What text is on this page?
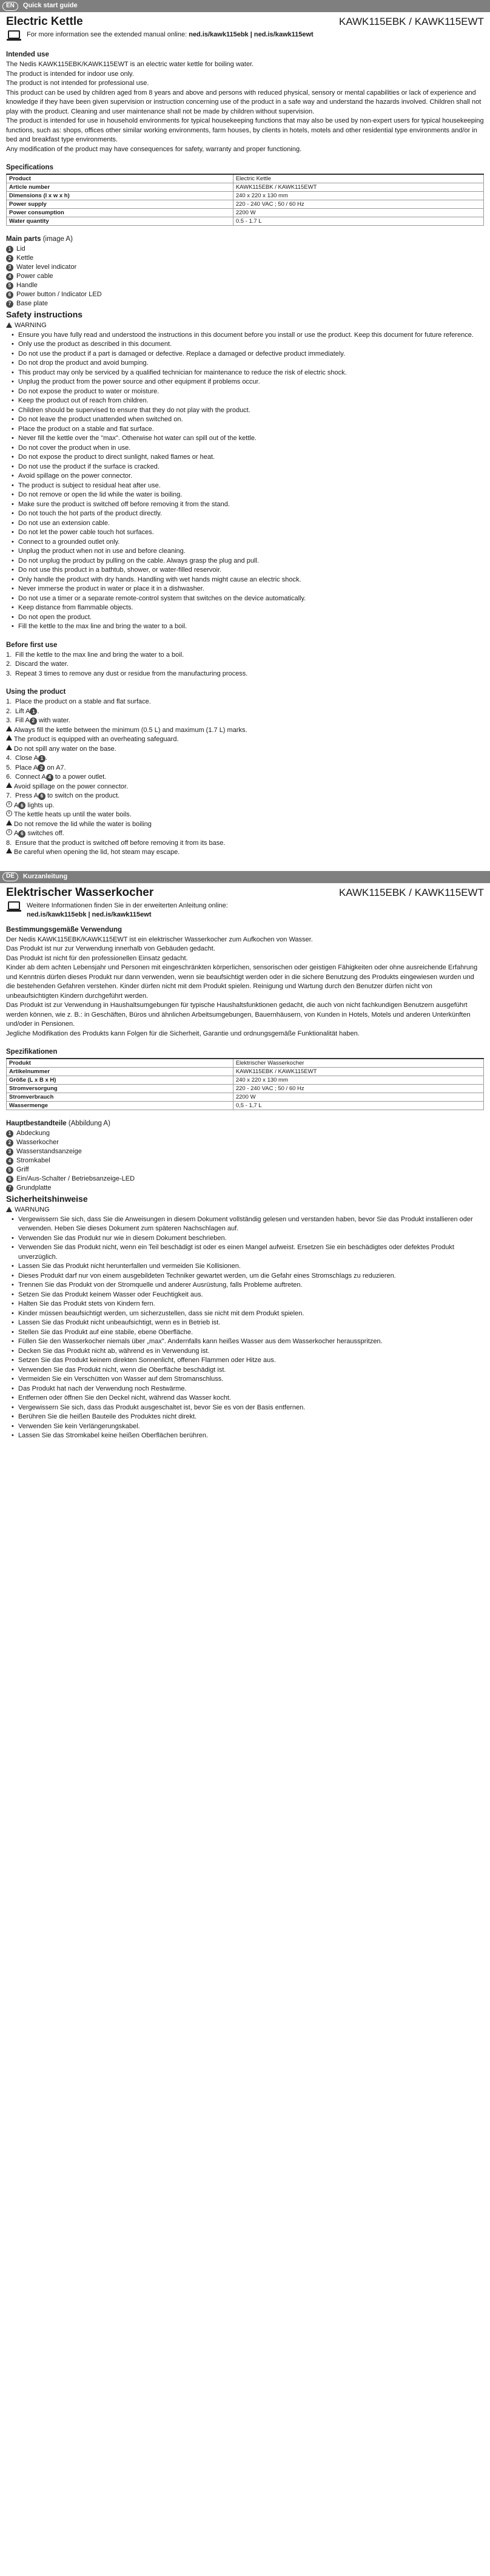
EN	Quick start guide
Electric Kettle	KAWK115EBK / KAWK115EWT
For more information see the extended manual online: ned.is/kawk115ebk | ned.is/kawk115ewt
Intended use

The Nedis KAWK115EBK/KAWK115EWT is an electric water kettle for boiling water.

The product is intended for indoor use only.

The product is not intended for professional use.

This product can be used by children aged from 8 years and above and persons with reduced physical, sensory or mental capabilities or lack of experience and knowledge if they have been given supervision or instruction concerning use of the product in a safe way and understand the hazards involved. Children shall not play with the product. Cleaning and user maintenance shall not be made by children without supervision.

The product is intended for use in household environments for typical housekeeping functions that may also be used by non-expert users for typical housekeeping functions, such as: shops, offices other similar working environments, farm houses, by clients in hotels, motels and other residential type environments and/or in bed and breakfast type environments.

Any modification of the product may have consequences for safety, warranty and proper functioning.

Specifications
Product	Electric Kettle
Article number	KAWK115EBK / KAWK115EWT
Dimensions (l x w x h)	240 x 220 x 130 mm
Power supply	220 - 240 VAC ; 50 / 60 Hz
Power consumption	2200 W
Water quantity	0.5 - 1.7 L
Main parts (image A)
1 Lid
2 Kettle
3 Water level indicator
4 Power cable
5 Handle
6 Power button / Indicator LED
7 Base plate
Safety instructions
WARNING
• Ensure you have fully read and understood the instructions in this document before you install or use the product. Keep this document for future reference.
• Only use the product as described in this document.
• Do not use the product if a part is damaged or defective. Replace a damaged or defective product immediately.
• Do not drop the product and avoid bumping.
• This product may only be serviced by a qualified technician for maintenance to reduce the risk of electric shock.
• Unplug the product from the power source and other equipment if problems occur.
• Do not expose the product to water or moisture.
• Keep the product out of reach from children.
• Children should be supervised to ensure that they do not play with the product.
• Do not leave the product unattended when switched on.
• Place the product on a stable and flat surface.
• Never fill the kettle over the "max". Otherwise hot water can spill out of the kettle.
• Do not cover the product when in use.
• Do not expose the product to direct sunlight, naked flames or heat.
• Do not use the product if the surface is cracked.
• Avoid spillage on the power connector.
• The product is subject to residual heat after use.
• Do not remove or open the lid while the water is boiling.
• Make sure the product is switched off before removing it from the stand.
• Do not touch the hot parts of the product directly.
• Do not use an extension cable.
• Do not let the power cable touch hot surfaces.
• Connect to a grounded outlet only.
• Unplug the product when not in use and before cleaning.
• Do not unplug the product by pulling on the cable. Always grasp the plug and pull.
• Do not use this product in a bathtub, shower, or water-filled reservoir.
• Only handle the product with dry hands. Handling with wet hands might cause an electric shock.
• Never immerse the product in water or place it in a dishwasher.
• Do not use a timer or a separate remote-control system that switches on the device automatically.
• Keep distance from flammable objects.
• Do not open the product.
• Fill the kettle to the max line and bring the water to a boil.
Before first use
1. Fill the kettle to the max line and bring the water to a boil.
2. Discard the water.
3. Repeat 3 times to remove any dust or residue from the manufacturing process.
Using the product
1. Place the product on a stable and flat surface.
2. Lift A 1 .
3. Fill A 2 with water.
Always fill the kettle between the minimum (0.5 L) and maximum (1.7 L) marks.
The product is equipped with an overheating safeguard.
Do not spill any water on the base.
4. Close A 1 .
5. Place A 2 on A7.
6. Connect A 4 to a power outlet.
Avoid spillage on the power connector.
7. Press A 6 to switch on the product.
i A 6 lights up.
i The kettle heats up until the water boils.
Do not remove the lid while the water is boiling
i A 6 switches off.
8. Ensure that the product is switched off before removing it from its base.
Be careful when opening the lid, hot steam may escape.
DE	Kurzanleitung
Elektrischer Wasserkocher	KAWK115EBK / KAWK115EWT
Weitere Informationen finden Sie in der erweiterten Anleitung online:
ned.is/kawk115ebk | ned.is/kawk115ewt
Bestimmungsgemäße Verwendung

Der Nedis KAWK115EBK/KAWK115EWT ist ein elektrischer Wasserkocher zum Aufkochen von Wasser.

Das Produkt ist nur zur Verwendung innerhalb von Gebäuden gedacht.

Das Produkt ist nicht für den professionellen Einsatz gedacht.

Kinder ab dem achten Lebensjahr und Personen mit eingeschränkten körperlichen, sensorischen oder geistigen Fähigkeiten oder ohne ausreichende Erfahrung und Kenntnis dürfen dieses Produkt nur dann verwenden, wenn sie beaufsichtigt werden oder in die sichere Benutzung des Produkts eingewiesen wurden und die bestehenden Gefahren verstehen. Kinder dürfen nicht mit dem Produkt spielen. Reinigung und Wartung durch den Benutzer dürfen nicht von unbeaufsichtigten Kindern durchgeführt werden.

Das Produkt ist zur Verwendung in Haushaltsumgebungen für typische Haushaltsfunktionen gedacht, die auch von nicht fachkundigen Benutzern ausgeführt werden können, wie z. B.: in Geschäften, Büros und ähnlichen Arbeitsumgebungen, Bauernhäusern, von Kunden in Hotels, Motels und anderen Unterkünften und/oder in Pensionen.

Jegliche Modifikation des Produkts kann Folgen für die Sicherheit, Garantie und ordnungsgemäße Funktionalität haben.

Spezifikationen
Produkt	Elektrischer Wasserkocher
Artikelnummer	KAWK115EBK / KAWK115EWT
Größe (L x B x H)	240 x 220 x 130 mm
Stromversorgung	220 - 240 VAC ; 50 / 60 Hz
Stromverbrauch	2200 W
Wassermenge	0,5 - 1,7 L
Hauptbestandteile (Abbildung A)
1 Abdeckung
2 Wasserkocher
3 Wasserstandsanzeige
4 Stromkabel
5 Griff
6 Ein/Aus-Schalter / Betriebsanzeige-LED
7 Grundplatte
Sicherheitshinweise
WARNUNG
• Vergewissern Sie sich, dass Sie die Anweisungen in diesem Dokument vollständig gelesen und verstanden haben, bevor Sie das Produkt installieren oder verwenden. Heben Sie dieses Dokument zum späteren Nachschlagen auf.
• Verwenden Sie das Produkt nur wie in diesem Dokument beschrieben.
• Verwenden Sie das Produkt nicht, wenn ein Teil beschädigt ist oder es einen Mangel aufweist. Ersetzen Sie ein beschädigtes oder defektes Produkt unverzüglich.
• Lassen Sie das Produkt nicht herunterfallen und vermeiden Sie Kollisionen.
• Dieses Produkt darf nur von einem ausgebildeten Techniker gewartet werden, um die Gefahr eines Stromschlags zu reduzieren.
• Trennen Sie das Produkt von der Stromquelle und anderer Ausrüstung, falls Probleme auftreten.
• Setzen Sie das Produkt keinem Wasser oder Feuchtigkeit aus.
• Halten Sie das Produkt stets von Kindern fern.
• Kinder müssen beaufsichtigt werden, um sicherzustellen, dass sie nicht mit dem Produkt spielen.
• Lassen Sie das Produkt nicht unbeaufsichtigt, wenn es in Betrieb ist.
• Stellen Sie das Produkt auf eine stabile, ebene Oberfläche.
• Füllen Sie den Wasserkocher niemals über „max". Andernfalls kann heißes Wasser aus dem Wasserkocher herausspritzen.
• Decken Sie das Produkt nicht ab, während es in Verwendung ist.
• Setzen Sie das Produkt keinem direkten Sonnenlicht, offenen Flammen oder Hitze aus.
• Verwenden Sie das Produkt nicht, wenn die Oberfläche beschädigt ist.
• Vermeiden Sie ein Verschütten von Wasser auf dem Stromanschluss.
• Das Produkt hat nach der Verwendung noch Restwärme.
• Entfernen oder öffnen Sie den Deckel nicht, während das Wasser kocht.
• Vergewissern Sie sich, dass das Produkt ausgeschaltet ist, bevor Sie es von der Basis entfernen.
• Berühren Sie die heißen Bauteile des Produktes nicht direkt.
• Verwenden Sie kein Verlängerungskabel.
• Lassen Sie das Stromkabel keine heißen Oberflächen berühren.
